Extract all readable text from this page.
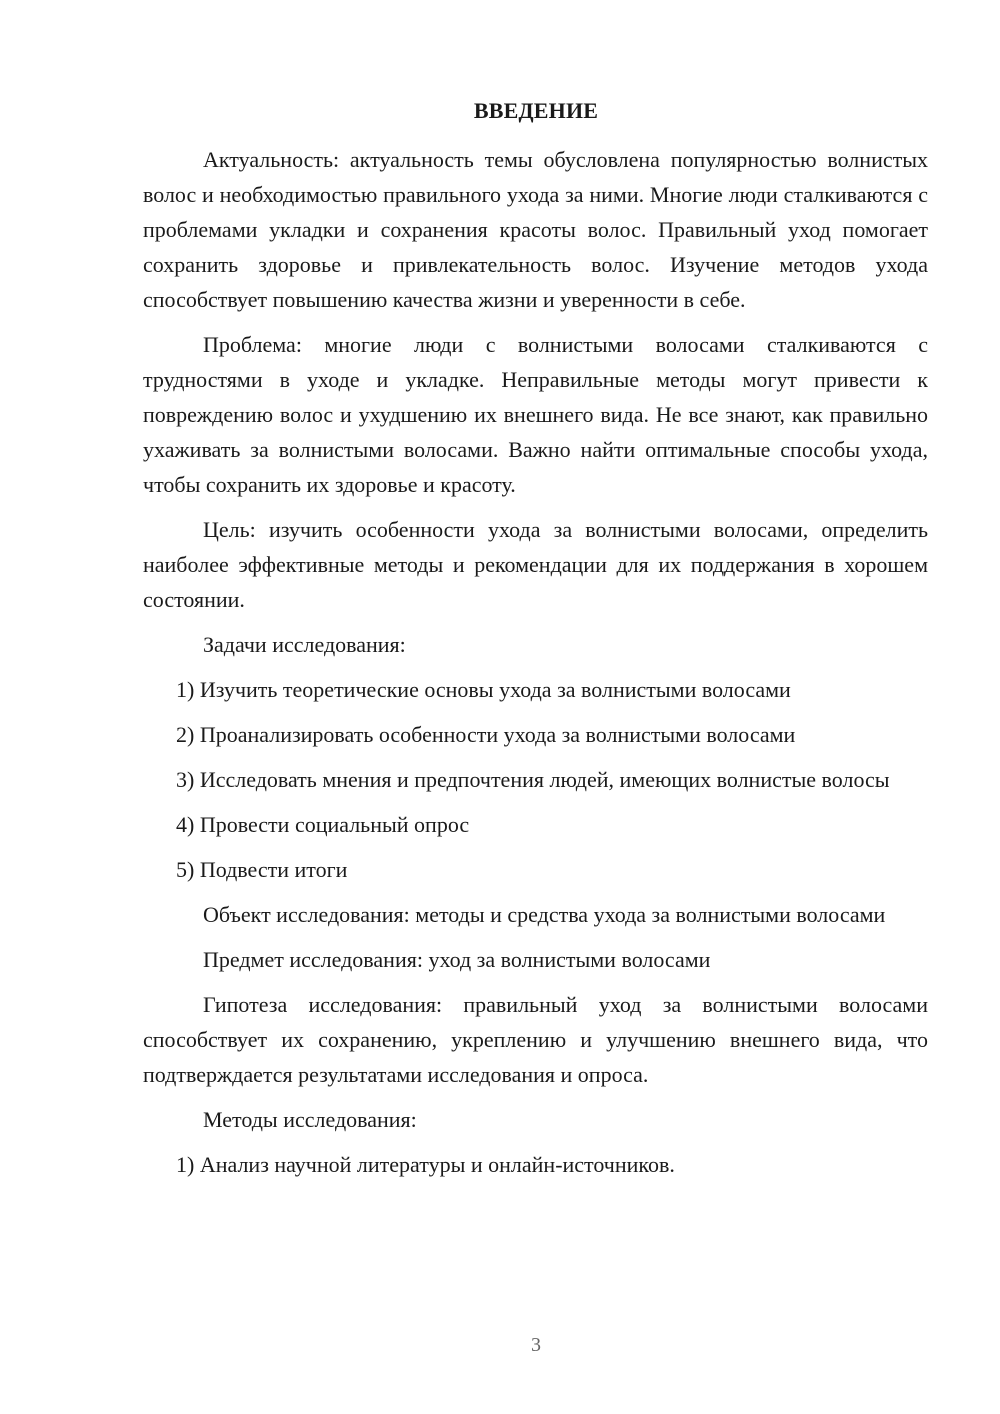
ВВЕДЕНИЕ

Актуальность: актуальность темы обусловлена популярностью волнистых волос и необходимостью правильного ухода за ними. Многие люди сталкиваются с проблемами укладки и сохранения красоты волос. Правильный уход помогает сохранить здоровье и привлекательность волос. Изучение методов ухода способствует повышению качества жизни и уверенности в себе.

Проблема: многие люди с волнистыми волосами сталкиваются с трудностями в уходе и укладке. Неправильные методы могут привести к повреждению волос и ухудшению их внешнего вида. Не все знают, как правильно ухаживать за волнистыми волосами. Важно найти оптимальные способы ухода, чтобы сохранить их здоровье и красоту.

Цель: изучить особенности ухода за волнистыми волосами, определить наиболее эффективные методы и рекомендации для их поддержания в хорошем состоянии.

Задачи исследования:

1) Изучить теоретические основы ухода за волнистыми волосами

2) Проанализировать особенности ухода за волнистыми волосами

3) Исследовать мнения и предпочтения людей, имеющих волнистые волосы

4) Провести социальный опрос

5) Подвести итоги

Объект исследования: методы и средства ухода за волнистыми волосами

Предмет исследования: уход за волнистыми волосами

Гипотеза исследования: правильный уход за волнистыми волосами способствует их сохранению, укреплению и улучшению внешнего вида, что подтверждается результатами исследования и опроса.

Методы исследования:

1) Анализ научной литературы и онлайн-источников.

3
